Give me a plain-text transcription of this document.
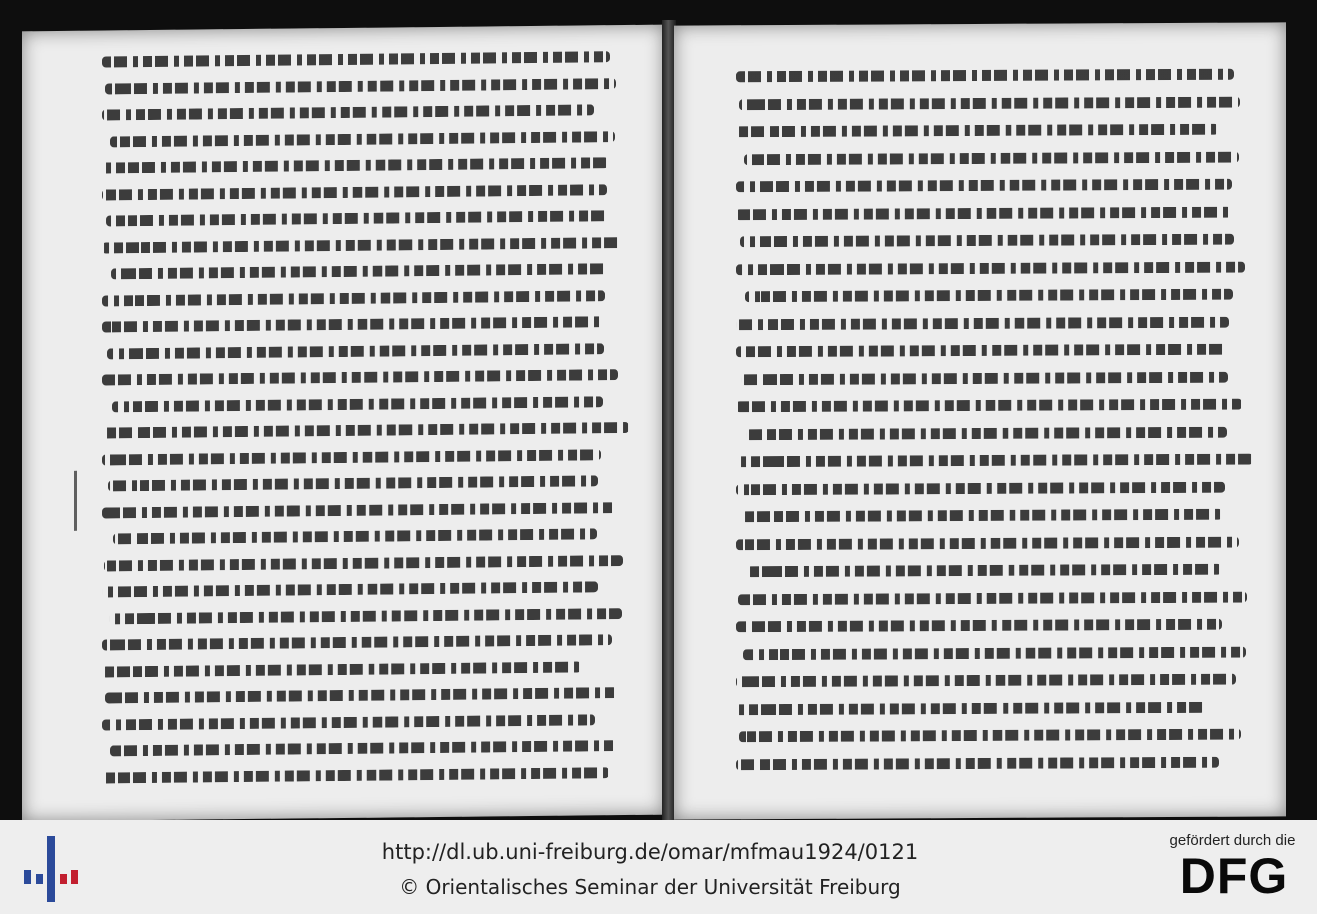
http://dl.ub.uni-freiburg.de/omar/mfmau1924/0121
© Orientalisches Seminar der Universität Freiburg
gefördert durch die
DFG
